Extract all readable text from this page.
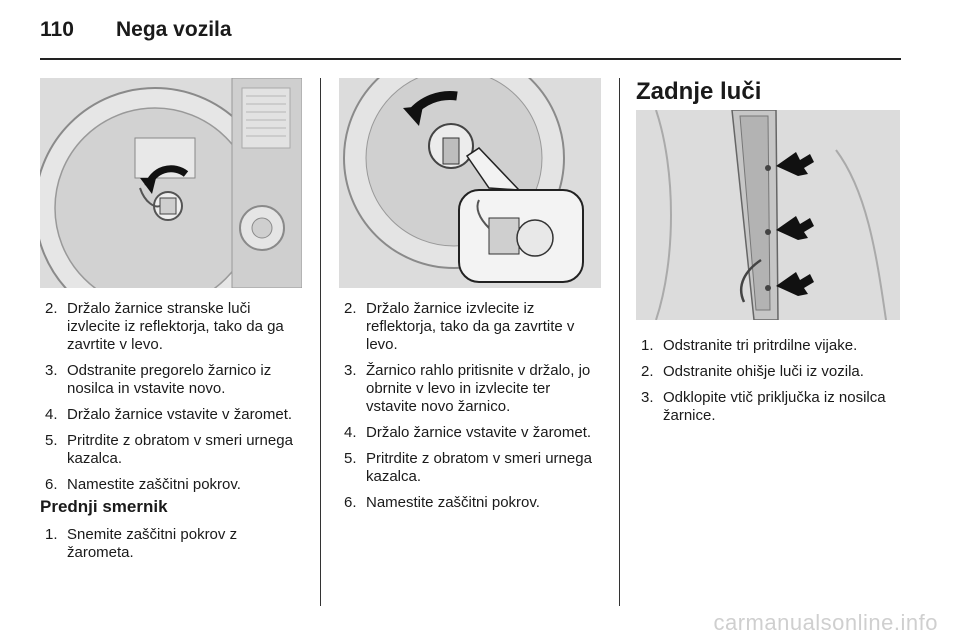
110 Nega vozila
2. Držalo žarnice stranske luči izvlecite iz reflektorja, tako da ga zavrtite v levo.
3. Odstranite pregorelo žarnico iz nosilca in vstavite novo.
4. Držalo žarnice vstavite v žaromet.
5. Pritrdite z obratom v smeri urnega kazalca.
6. Namestite zaščitni pokrov.
Prednji smernik
1. Snemite zaščitni pokrov z žarometa.
2. Držalo žarnice izvlecite iz reflektorja, tako da ga zavrtite v levo.
3. Žarnico rahlo pritisnite v držalo, jo obrnite v levo in izvlecite ter vstavite novo žarnico.
4. Držalo žarnice vstavite v žaromet.
5. Pritrdite z obratom v smeri urnega kazalca.
6. Namestite zaščitni pokrov.
Zadnje luči
1. Odstranite tri pritrdilne vijake.
2. Odstranite ohišje luči iz vozila.
3. Odklopite vtič priključka iz nosilca žarnice.
carmanualsonline.info
